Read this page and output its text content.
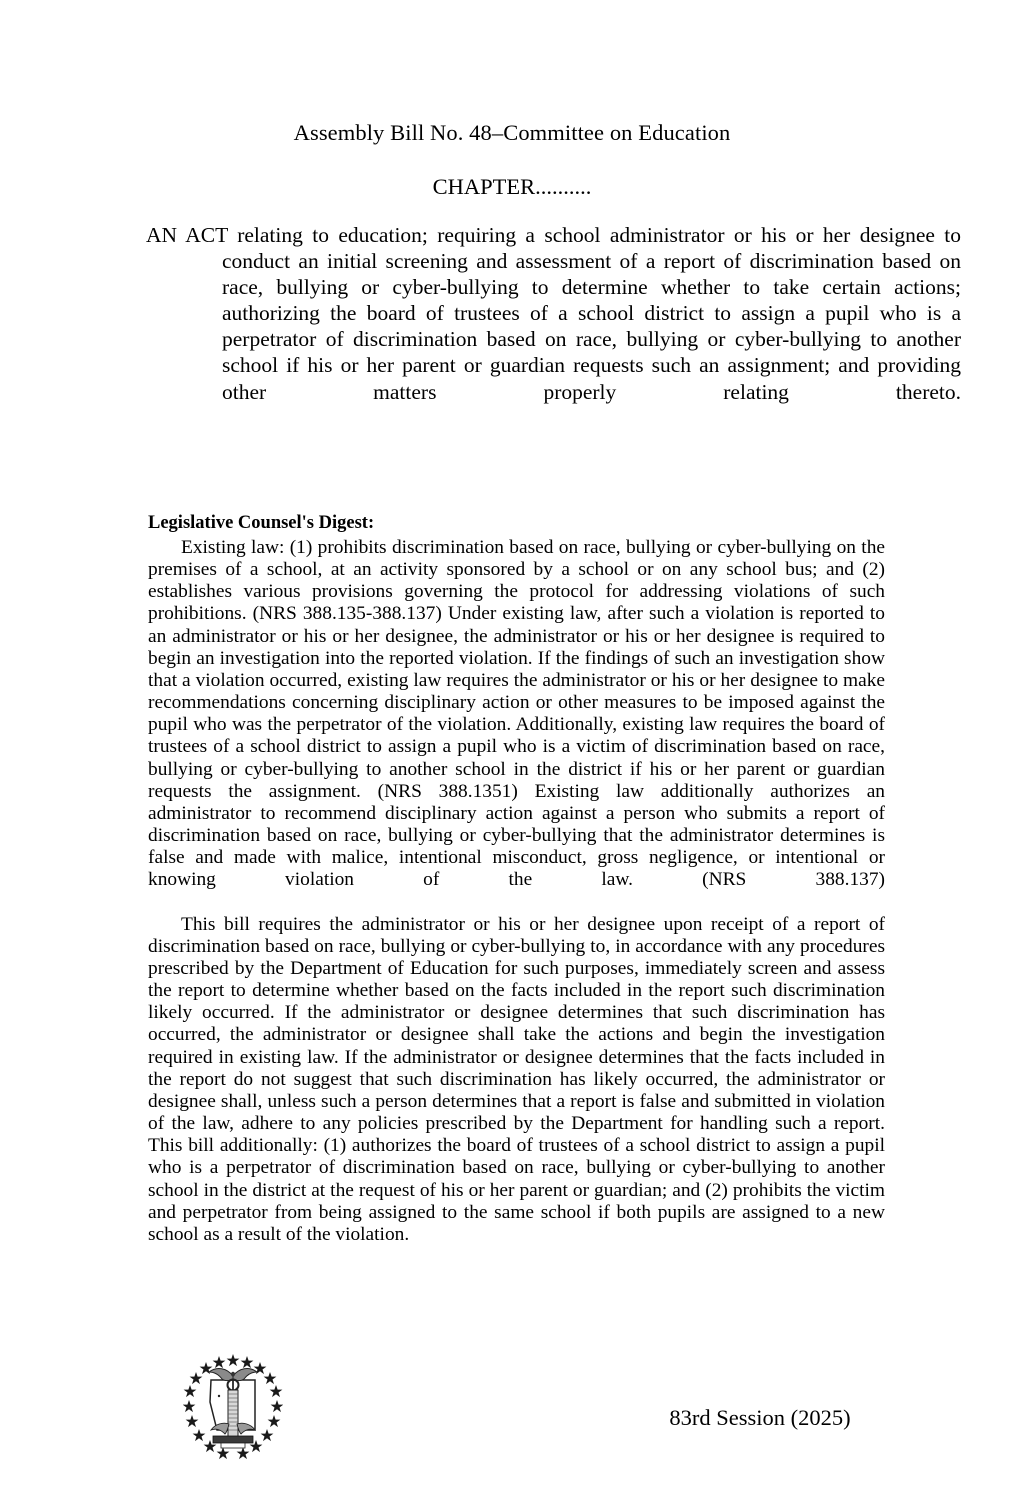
Assembly Bill No. 48–Committee on Education
CHAPTER..........
AN ACT relating to education; requiring a school administrator or his or her designee to conduct an initial screening and assessment of a report of discrimination based on race, bullying or cyber-bullying to determine whether to take certain actions; authorizing the board of trustees of a school district to assign a pupil who is a perpetrator of discrimination based on race, bullying or cyber-bullying to another school if his or her parent or guardian requests such an assignment; and providing other matters properly relating thereto.
Legislative Counsel's Digest:

Existing law: (1) prohibits discrimination based on race, bullying or cyber-bullying on the premises of a school, at an activity sponsored by a school or on any school bus; and (2) establishes various provisions governing the protocol for addressing violations of such prohibitions. (NRS 388.135-388.137) Under existing law, after such a violation is reported to an administrator or his or her designee, the administrator or his or her designee is required to begin an investigation into the reported violation. If the findings of such an investigation show that a violation occurred, existing law requires the administrator or his or her designee to make recommendations concerning disciplinary action or other measures to be imposed against the pupil who was the perpetrator of the violation. Additionally, existing law requires the board of trustees of a school district to assign a pupil who is a victim of discrimination based on race, bullying or cyber-bullying to another school in the district if his or her parent or guardian requests the assignment. (NRS 388.1351) Existing law additionally authorizes an administrator to recommend disciplinary action against a person who submits a report of discrimination based on race, bullying or cyber-bullying that the administrator determines is false and made with malice, intentional misconduct, gross negligence, or intentional or knowing violation of the law. (NRS 388.137)

This bill requires the administrator or his or her designee upon receipt of a report of discrimination based on race, bullying or cyber-bullying to, in accordance with any procedures prescribed by the Department of Education for such purposes, immediately screen and assess the report to determine whether based on the facts included in the report such discrimination likely occurred. If the administrator or designee determines that such discrimination has occurred, the administrator or designee shall take the actions and begin the investigation required in existing law. If the administrator or designee determines that the facts included in the report do not suggest that such discrimination has likely occurred, the administrator or designee shall, unless such a person determines that a report is false and submitted in violation of the law, adhere to any policies prescribed by the Department for handling such a report. This bill additionally: (1) authorizes the board of trustees of a school district to assign a pupil who is a perpetrator of discrimination based on race, bullying or cyber-bullying to another school in the district at the request of his or her parent or guardian; and (2) prohibits the victim and perpetrator from being assigned to the same school if both pupils are assigned to a new school as a result of the violation.

83rd Session (2025)
